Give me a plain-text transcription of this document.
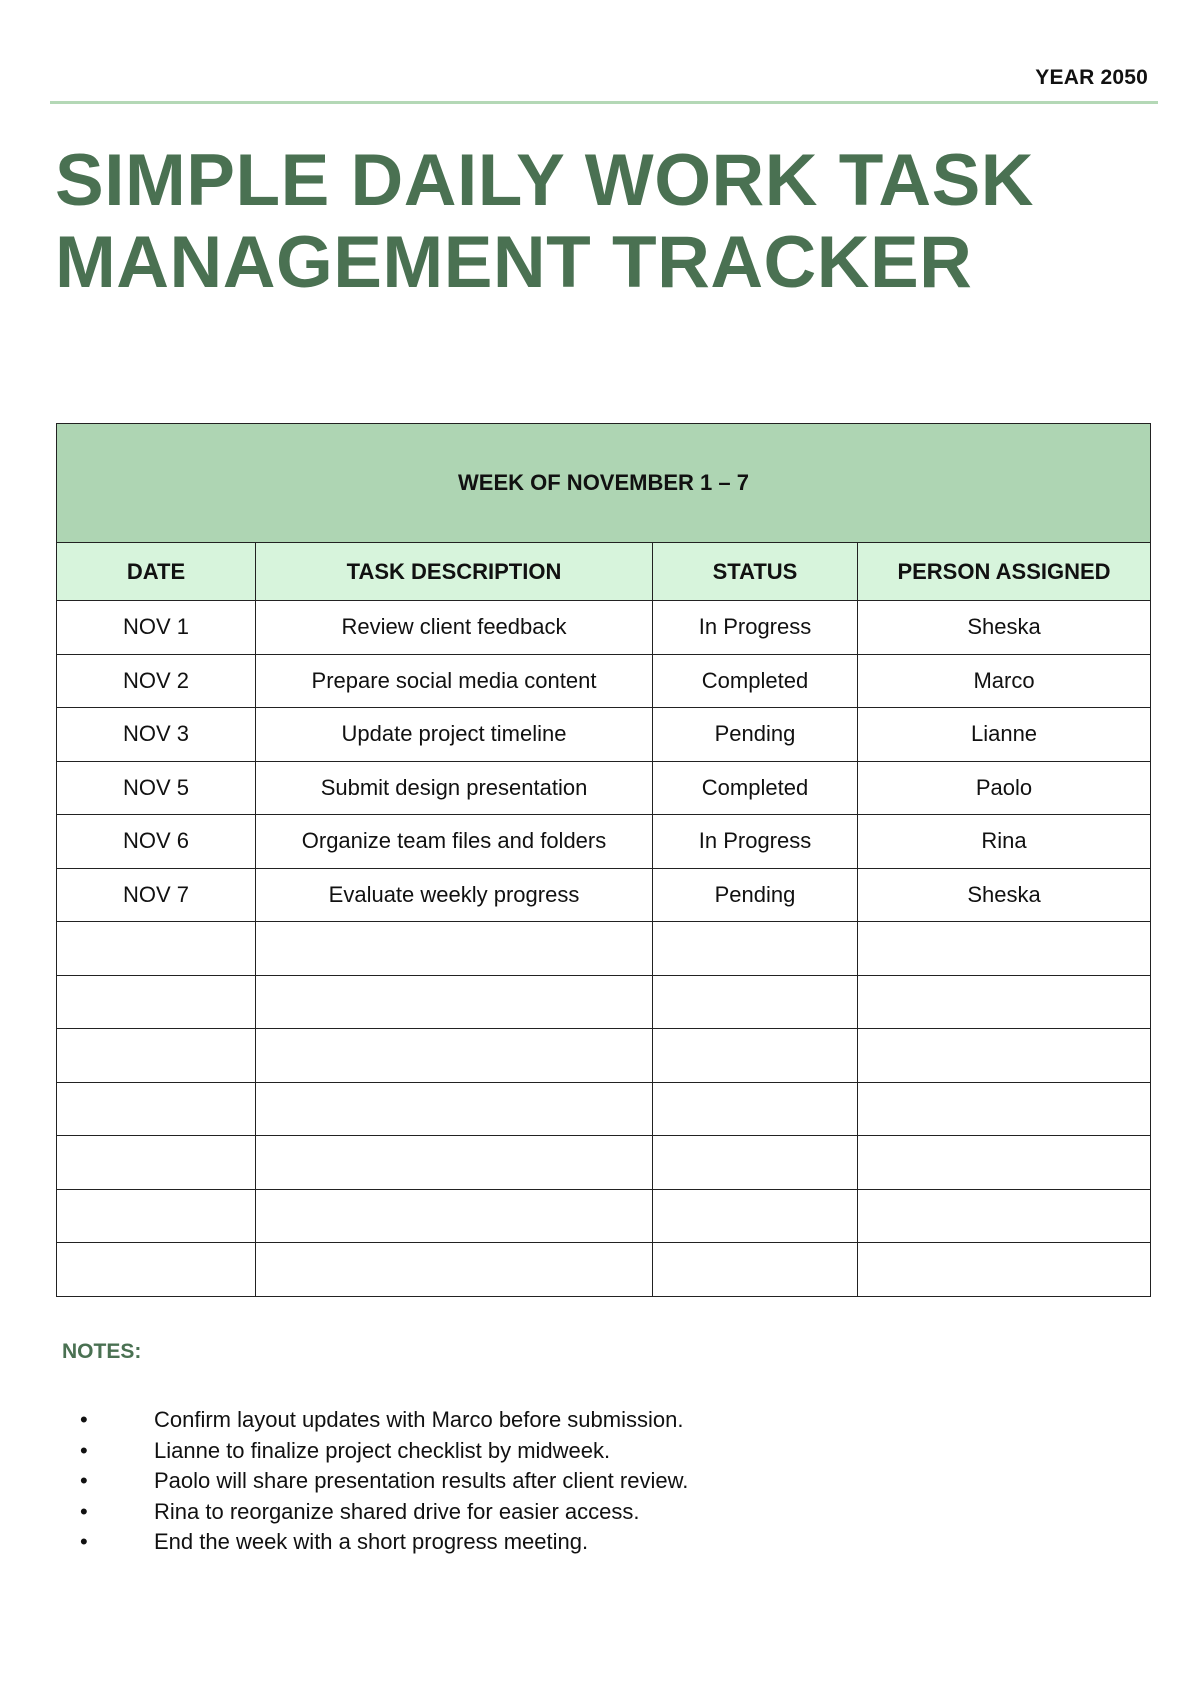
YEAR 2050
SIMPLE DAILY WORK TASK
MANAGEMENT TRACKER
WEEK OF NOVEMBER 1 – 7			
DATE	TASK DESCRIPTION	STATUS	PERSON ASSIGNED
NOV 1	Review client feedback	In Progress	Sheska
NOV 2	Prepare social media content	Completed	Marco
NOV 3	Update project timeline	Pending	Lianne
NOV 5	Submit design presentation	Completed	Paolo
NOV 6	Organize team files and folders	In Progress	Rina
NOV 7	Evaluate weekly progress	Pending	Sheska

NOTES:
•	Confirm layout updates with Marco before submission.
•	Lianne to finalize project checklist by midweek.
•	Paolo will share presentation results after client review.
•	Rina to reorganize shared drive for easier access.
•	End the week with a short progress meeting.
